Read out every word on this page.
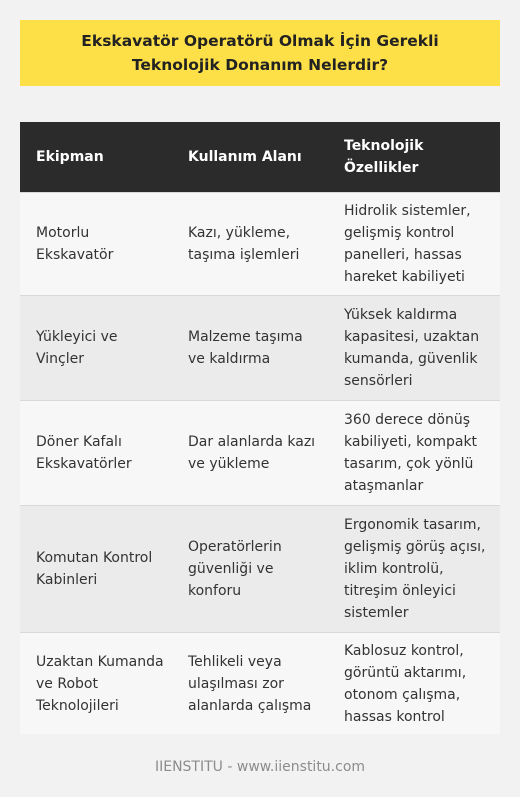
Ekskavatör Operatörü Olmak İçin Gerekli Teknolojik Donanım Nelerdir?
Ekipman	Kullanım Alanı	Teknolojik Özellikler
Motorlu Ekskavatör	Kazı, yükleme, taşıma işlemleri	Hidrolik sistemler, gelişmiş kontrol panelleri, hassas hareket kabiliyeti
Yükleyici ve Vinçler	Malzeme taşıma ve kaldırma	Yüksek kaldırma kapasitesi, uzaktan kumanda, güvenlik sensörleri
Döner Kafalı Ekskavatörler	Dar alanlarda kazı ve yükleme	360 derece dönüş kabiliyeti, kompakt tasarım, çok yönlü ataşmanlar
Komutan Kontrol Kabinleri	Operatörlerin güvenliği ve konforu	Ergonomik tasarım, gelişmiş görüş açısı, iklim kontrolü, titreşim önleyici sistemler
Uzaktan Kumanda ve Robot Teknolojileri	Tehlikeli veya ulaşılması zor alanlarda çalışma	Kablosuz kontrol, görüntü aktarımı, otonom çalışma, hassas kontrol
IIENSTITU - www.iienstitu.com
